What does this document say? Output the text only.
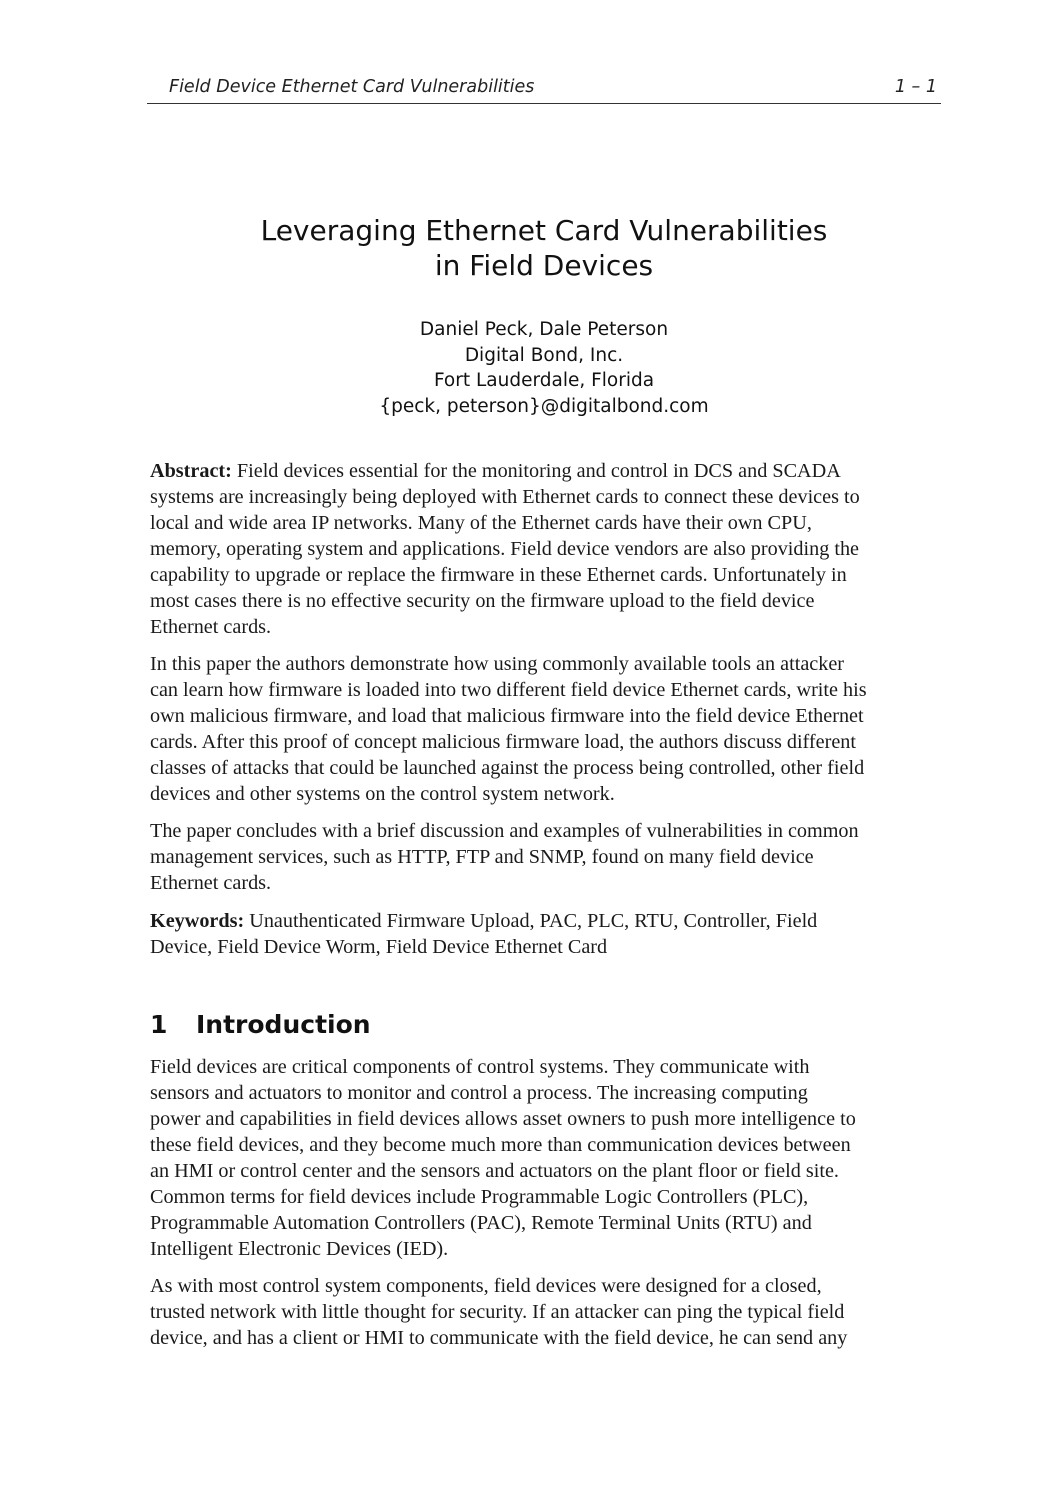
Field Device Ethernet Card Vulnerabilities	1 – 1
Leveraging Ethernet Card Vulnerabilities
in Field Devices
Daniel Peck, Dale Peterson
Digital Bond, Inc.
Fort Lauderdale, Florida
{peck, peterson}@digitalbond.com
Abstract: Field devices essential for the monitoring and control in DCS and SCADA
systems are increasingly being deployed with Ethernet cards to connect these devices to
local and wide area IP networks. Many of the Ethernet cards have their own CPU,
memory, operating system and applications. Field device vendors are also providing the
capability to upgrade or replace the firmware in these Ethernet cards. Unfortunately in
most cases there is no effective security on the firmware upload to the field device
Ethernet cards.
In this paper the authors demonstrate how using commonly available tools an attacker
can learn how firmware is loaded into two different field device Ethernet cards, write his
own malicious firmware, and load that malicious firmware into the field device Ethernet
cards. After this proof of concept malicious firmware load, the authors discuss different
classes of attacks that could be launched against the process being controlled, other field
devices and other systems on the control system network.
The paper concludes with a brief discussion and examples of vulnerabilities in common
management services, such as HTTP, FTP and SNMP, found on many field device
Ethernet cards.
Keywords: Unauthenticated Firmware Upload, PAC, PLC, RTU, Controller, Field
Device, Field Device Worm, Field Device Ethernet Card
1 Introduction
Field devices are critical components of control systems. They communicate with
sensors and actuators to monitor and control a process. The increasing computing
power and capabilities in field devices allows asset owners to push more intelligence to
these field devices, and they become much more than communication devices between
an HMI or control center and the sensors and actuators on the plant floor or field site.
Common terms for field devices include Programmable Logic Controllers (PLC),
Programmable Automation Controllers (PAC), Remote Terminal Units (RTU) and
Intelligent Electronic Devices (IED).
As with most control system components, field devices were designed for a closed,
trusted network with little thought for security. If an attacker can ping the typical field
device, and has a client or HMI to communicate with the field device, he can send any
